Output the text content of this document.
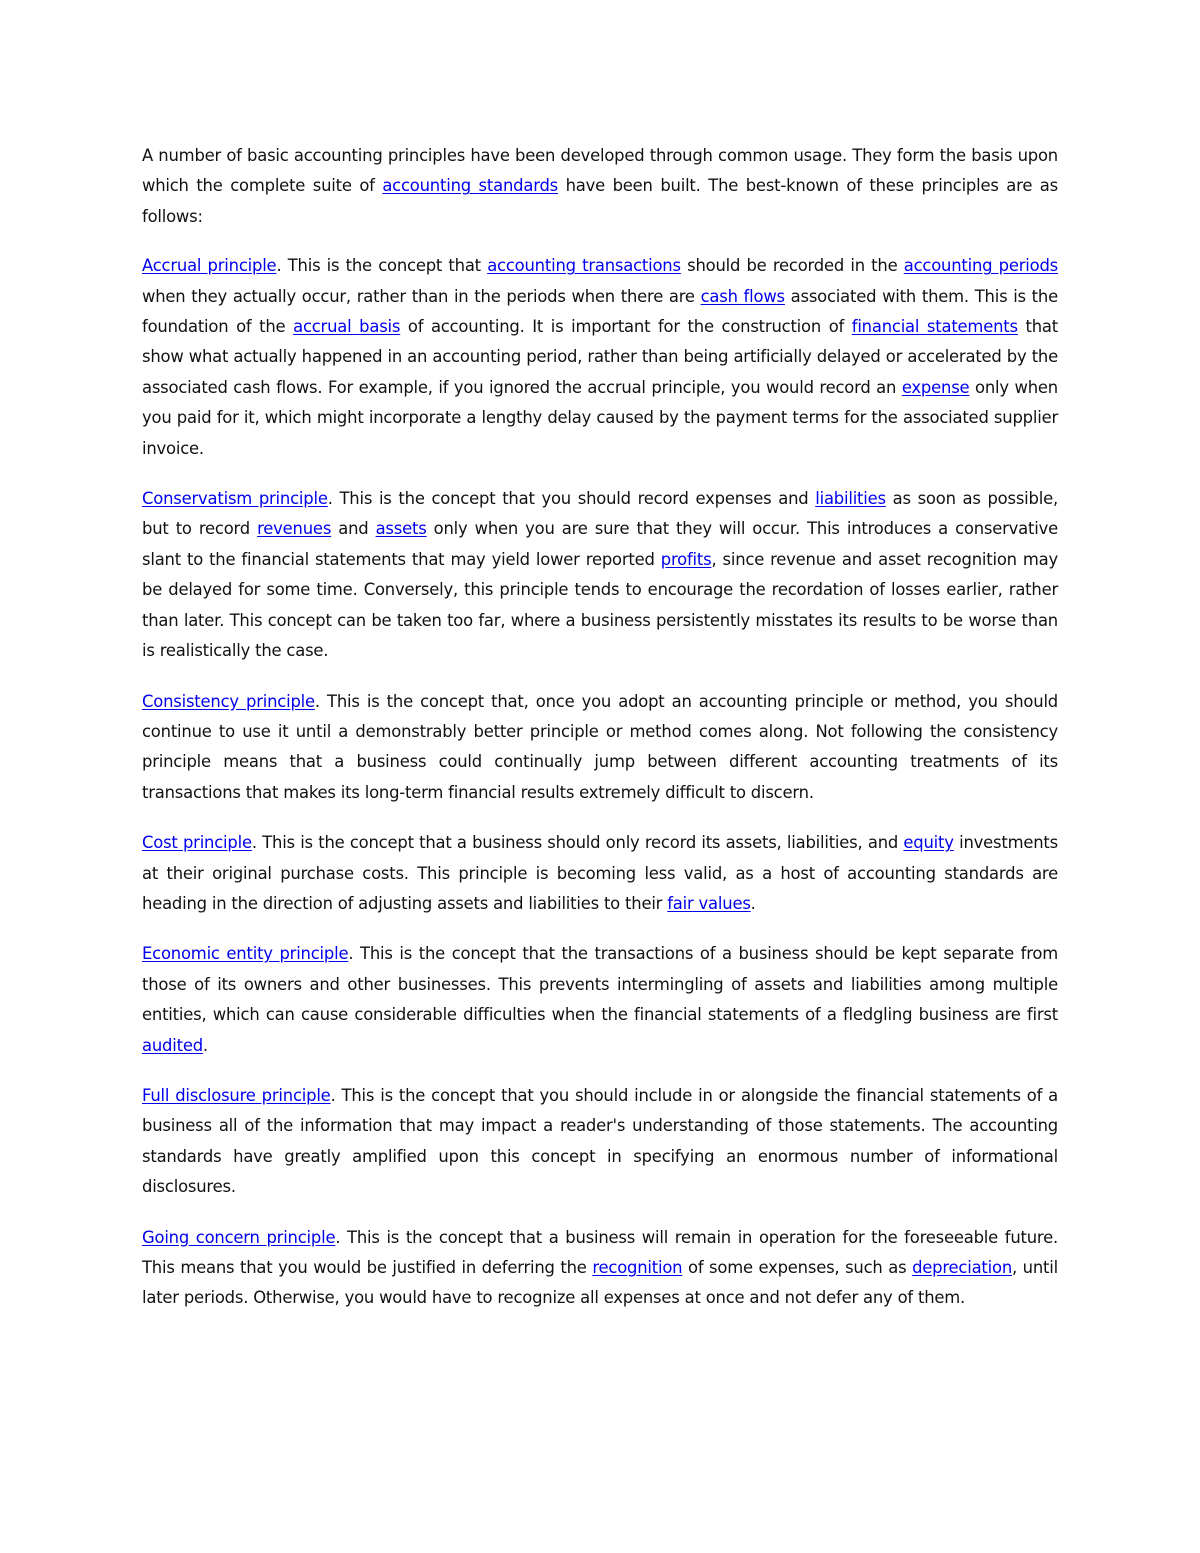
A number of basic accounting principles have been developed through common usage. They form the basis upon which the complete suite of accounting standards have been built. The best-known of these principles are as follows:

Accrual principle. This is the concept that accounting transactions should be recorded in the accounting periods when they actually occur, rather than in the periods when there are cash flows associated with them. This is the foundation of the accrual basis of accounting. It is important for the construction of financial statements that show what actually happened in an accounting period, rather than being artificially delayed or accelerated by the associated cash flows. For example, if you ignored the accrual principle, you would record an expense only when you paid for it, which might incorporate a lengthy delay caused by the payment terms for the associated supplier invoice.

Conservatism principle. This is the concept that you should record expenses and liabilities as soon as possible, but to record revenues and assets only when you are sure that they will occur. This introduces a conservative slant to the financial statements that may yield lower reported profits, since revenue and asset recognition may be delayed for some time. Conversely, this principle tends to encourage the recordation of losses earlier, rather than later. This concept can be taken too far, where a business persistently misstates its results to be worse than is realistically the case.

Consistency principle. This is the concept that, once you adopt an accounting principle or method, you should continue to use it until a demonstrably better principle or method comes along. Not following the consistency principle means that a business could continually jump between different accounting treatments of its transactions that makes its long-term financial results extremely difficult to discern.

Cost principle. This is the concept that a business should only record its assets, liabilities, and equity investments at their original purchase costs. This principle is becoming less valid, as a host of accounting standards are heading in the direction of adjusting assets and liabilities to their fair values.

Economic entity principle. This is the concept that the transactions of a business should be kept separate from those of its owners and other businesses. This prevents intermingling of assets and liabilities among multiple entities, which can cause considerable difficulties when the financial statements of a fledgling business are first audited.

Full disclosure principle. This is the concept that you should include in or alongside the financial statements of a business all of the information that may impact a reader's understanding of those statements. The accounting standards have greatly amplified upon this concept in specifying an enormous number of informational disclosures.

Going concern principle. This is the concept that a business will remain in operation for the foreseeable future. This means that you would be justified in deferring the recognition of some expenses, such as depreciation, until later periods. Otherwise, you would have to recognize all expenses at once and not defer any of them.
